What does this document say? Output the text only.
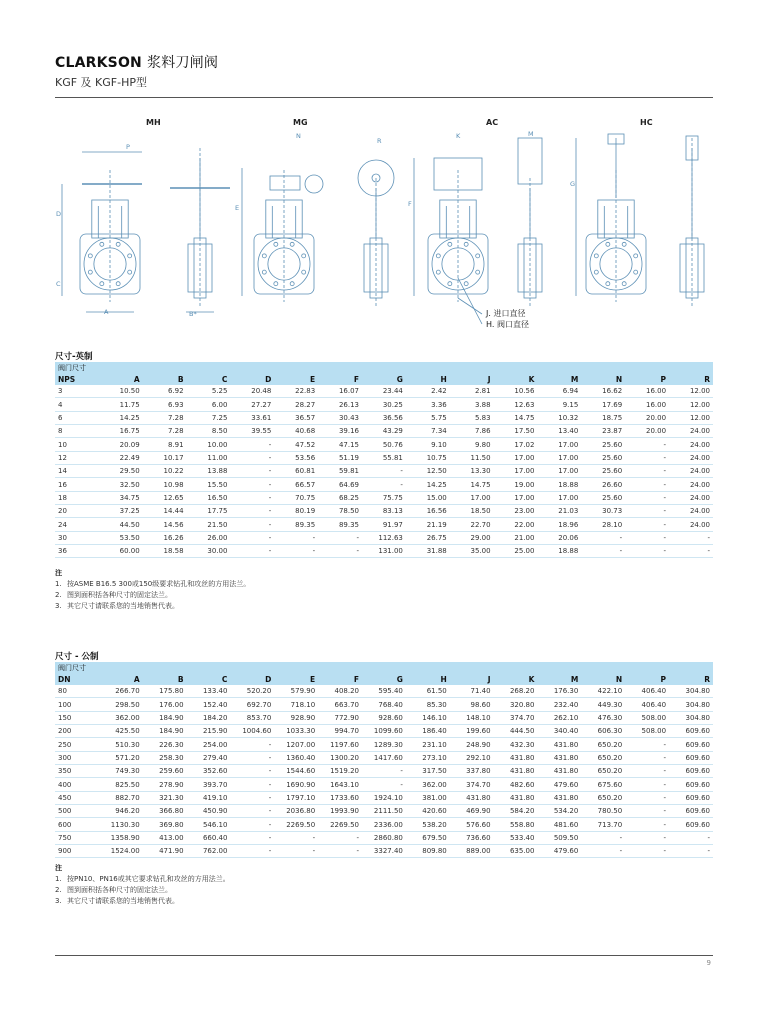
CLARKSON 浆料刀闸阀
KGF 及 KGF-HP型
MH	MG	AC	HC
P
N
R
K	M
D
E	F
G
C
A	B*	J. 进口直径
H. 阀口直径
尺寸-英制
阀门尺寸														
NPS	A	B	C	D	E	F	G	H	J	K	M	N	P	R
3	10.50	6.92	5.25	20.48	22.83	16.07	23.44	2.42	2.81	10.56	6.94	16.62	16.00	12.00
4	11.75	6.93	6.00	27.27	28.27	26.13	30.25	3.36	3.88	12.63	9.15	17.69	16.00	12.00
6	14.25	7.28	7.25	33.61	36.57	30.43	36.56	5.75	5.83	14.75	10.32	18.75	20.00	12.00
8	16.75	7.28	8.50	39.55	40.68	39.16	43.29	7.34	7.86	17.50	13.40	23.87	20.00	24.00
10	20.09	8.91	10.00	-	47.52	47.15	50.76	9.10	9.80	17.02	17.00	25.60	-	24.00
12	22.49	10.17	11.00	-	53.56	51.19	55.81	10.75	11.50	17.00	17.00	25.60	-	24.00
14	29.50	10.22	13.88	-	60.81	59.81	-	12.50	13.30	17.00	17.00	25.60	-	24.00
16	32.50	10.98	15.50	-	66.57	64.69	-	14.25	14.75	19.00	18.88	26.60	-	24.00
18	34.75	12.65	16.50	-	70.75	68.25	75.75	15.00	17.00	17.00	17.00	25.60	-	24.00
20	37.25	14.44	17.75	-	80.19	78.50	83.13	16.56	18.50	23.00	21.03	30.73	-	24.00
24	44.50	14.56	21.50	-	89.35	89.35	91.97	21.19	22.70	22.00	18.96	28.10	-	24.00
30	53.50	16.26	26.00	-	-	-	112.63	26.75	29.00	21.00	20.06	-	-	-
36	60.00	18.58	30.00	-	-	-	131.00	31.88	35.00	25.00	18.88	-	-	-
注
1. 按ASME B16.5 300或150级要求钻孔和攻丝的方用法兰。
2. 图到面积括各种尺寸的固定法兰。
3. 其它尺寸请联系您的当地销售代表。
尺寸 - 公制
阀门尺寸														
DN	A	B	C	D	E	F	G	H	J	K	M	N	P	R
80	266.70	175.80	133.40	520.20	579.90	408.20	595.40	61.50	71.40	268.20	176.30	422.10	406.40	304.80
100	298.50	176.00	152.40	692.70	718.10	663.70	768.40	85.30	98.60	320.80	232.40	449.30	406.40	304.80
150	362.00	184.90	184.20	853.70	928.90	772.90	928.60	146.10	148.10	374.70	262.10	476.30	508.00	304.80
200	425.50	184.90	215.90	1004.60	1033.30	994.70	1099.60	186.40	199.60	444.50	340.40	606.30	508.00	609.60
250	510.30	226.30	254.00	-	1207.00	1197.60	1289.30	231.10	248.90	432.30	431.80	650.20	-	609.60
300	571.20	258.30	279.40	-	1360.40	1300.20	1417.60	273.10	292.10	431.80	431.80	650.20	-	609.60
350	749.30	259.60	352.60	-	1544.60	1519.20	-	317.50	337.80	431.80	431.80	650.20	-	609.60
400	825.50	278.90	393.70	-	1690.90	1643.10	-	362.00	374.70	482.60	479.60	675.60	-	609.60
450	882.70	321.30	419.10	-	1797.10	1733.60	1924.10	381.00	431.80	431.80	431.80	650.20	-	609.60
500	946.20	366.80	450.90	-	2036.80	1993.90	2111.50	420.60	469.90	584.20	534.20	780.50	-	609.60
600	1130.30	369.80	546.10	-	2269.50	2269.50	2336.00	538.20	576.60	558.80	481.60	713.70	-	609.60
750	1358.90	413.00	660.40	-	-	-	2860.80	679.50	736.60	533.40	509.50	-	-	-
900	1524.00	471.90	762.00	-	-	-	3327.40	809.80	889.00	635.00	479.60	-	-	-
注
1. 按PN10、PN16或其它要求钻孔和攻丝的方用法兰。
2. 图到面积括各种尺寸的固定法兰。
3. 其它尺寸请联系您的当地销售代表。
9
